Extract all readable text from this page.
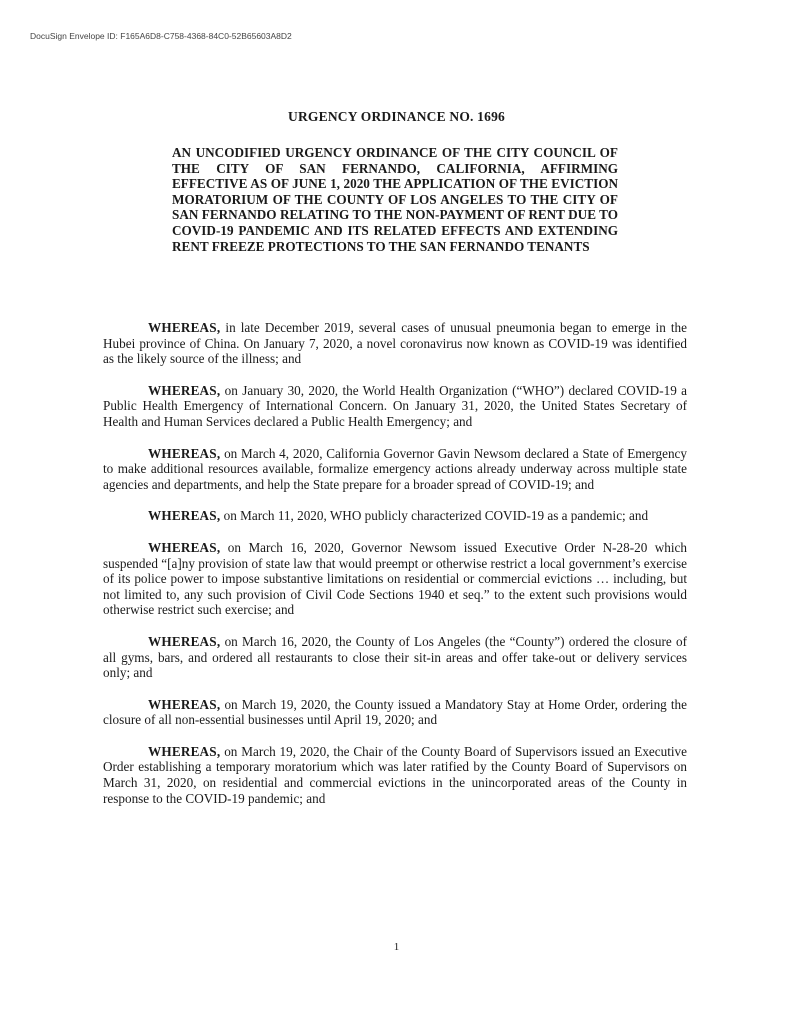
DocuSign Envelope ID: F165A6D8-C758-4368-84C0-52B65603A8D2
URGENCY ORDINANCE NO. 1696
AN UNCODIFIED URGENCY ORDINANCE OF THE CITY COUNCIL OF THE CITY OF SAN FERNANDO, CALIFORNIA, AFFIRMING EFFECTIVE AS OF JUNE 1, 2020 THE APPLICATION OF THE EVICTION MORATORIUM OF THE COUNTY OF LOS ANGELES TO THE CITY OF SAN FERNANDO RELATING TO THE NON-PAYMENT OF RENT DUE TO COVID-19 PANDEMIC AND ITS RELATED EFFECTS AND EXTENDING RENT FREEZE PROTECTIONS TO THE SAN FERNANDO TENANTS

WHEREAS, in late December 2019, several cases of unusual pneumonia began to emerge in the Hubei province of China. On January 7, 2020, a novel coronavirus now known as COVID-19 was identified as the likely source of the illness; and

WHEREAS, on January 30, 2020, the World Health Organization (“WHO”) declared COVID-19 a Public Health Emergency of International Concern. On January 31, 2020, the United States Secretary of Health and Human Services declared a Public Health Emergency; and

WHEREAS, on March 4, 2020, California Governor Gavin Newsom declared a State of Emergency to make additional resources available, formalize emergency actions already underway across multiple state agencies and departments, and help the State prepare for a broader spread of COVID-19; and

WHEREAS, on March 11, 2020, WHO publicly characterized COVID-19 as a pandemic; and

WHEREAS, on March 16, 2020, Governor Newsom issued Executive Order N-28-20 which suspended “[a]ny provision of state law that would preempt or otherwise restrict a local government’s exercise of its police power to impose substantive limitations on residential or commercial evictions … including, but not limited to, any such provision of Civil Code Sections 1940 et seq.” to the extent such provisions would otherwise restrict such exercise; and

WHEREAS, on March 16, 2020, the County of Los Angeles (the “County”) ordered the closure of all gyms, bars, and ordered all restaurants to close their sit-in areas and offer take-out or delivery services only; and

WHEREAS, on March 19, 2020, the County issued a Mandatory Stay at Home Order, ordering the closure of all non-essential businesses until April 19, 2020; and

WHEREAS, on March 19, 2020, the Chair of the County Board of Supervisors issued an Executive Order establishing a temporary moratorium which was later ratified by the County Board of Supervisors on March 31, 2020, on residential and commercial evictions in the unincorporated areas of the County in response to the COVID-19 pandemic; and

1
